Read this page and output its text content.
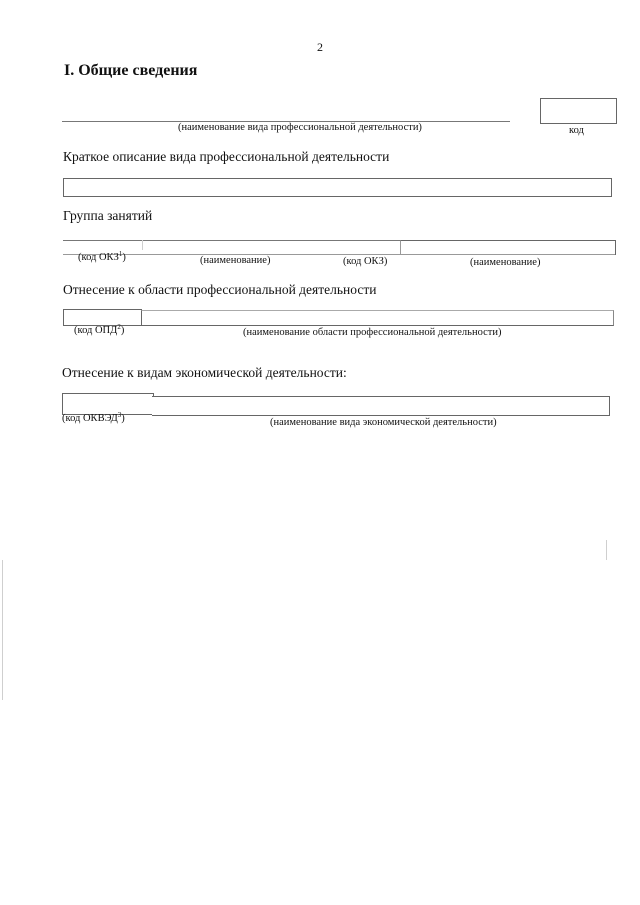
2
I. Общие сведения
(наименование вида профессиональной деятельности)	код
Краткое описание вида профессиональной деятельности
Группа занятий
(код ОКЗ$^1$)	(наименование)	(код ОКЗ)	(наименование)
Отнесение к области профессиональной деятельности
(код ОПД$^2$)	(наименование области профессиональной деятельности)
Отнесение к видам экономической деятельности:
(код ОКВЭД$^3$)	(наименование вида экономической деятельности)
